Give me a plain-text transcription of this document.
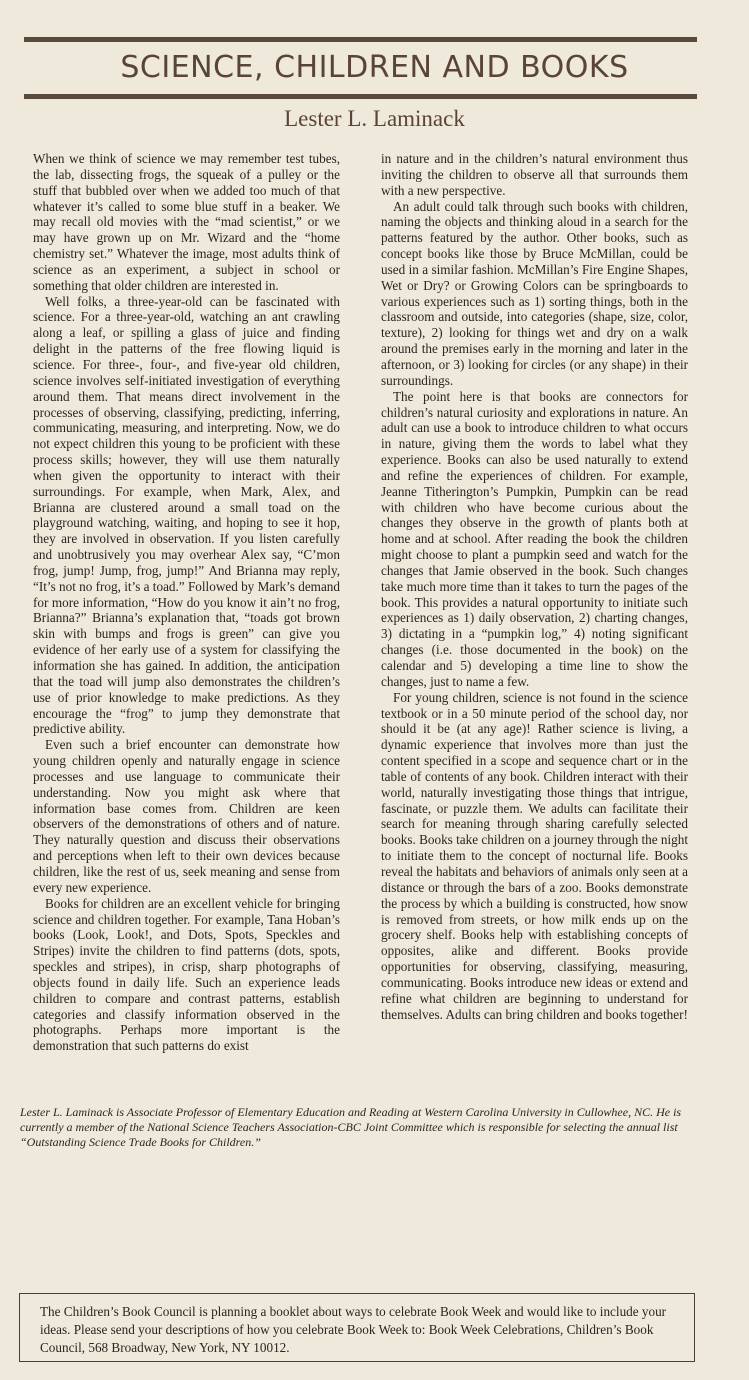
SCIENCE, CHILDREN AND BOOKS
Lester L. Laminack

When we think of science we may remember test tubes, the lab, dissecting frogs, the squeak of a pulley or the stuff that bubbled over when we added too much of that whatever it’s called to some blue stuff in a beaker. We may recall old movies with the “mad scientist,” or we may have grown up on Mr. Wizard and the “home chemistry set.” Whatever the image, most adults think of science as an experiment, a subject in school or something that older children are interested in.

Well folks, a three-year-old can be fascinated with science. For a three-year-old, watching an ant crawling along a leaf, or spilling a glass of juice and finding delight in the patterns of the free flowing liquid is science. For three-, four-, and five-year old children, science involves self-initiated investigation of everything around them. That means direct involvement in the processes of observing, classifying, predicting, inferring, communicating, measuring, and interpreting. Now, we do not expect children this young to be proficient with these process skills; however, they will use them naturally when given the opportunity to interact with their surroundings. For example, when Mark, Alex, and Brianna are clustered around a small toad on the playground watching, waiting, and hoping to see it hop, they are involved in observation. If you listen carefully and unobtrusively you may overhear Alex say, “C’mon frog, jump! Jump, frog, jump!” And Brianna may reply, “It’s not no frog, it’s a toad.” Followed by Mark’s demand for more information, “How do you know it ain’t no frog, Brianna?” Brianna’s explanation that, “toads got brown skin with bumps and frogs is green” can give you evidence of her early use of a system for classifying the information she has gained. In addition, the anticipation that the toad will jump also demonstrates the children’s use of prior knowledge to make predictions. As they encourage the “frog” to jump they demonstrate that predictive ability.

Even such a brief encounter can demonstrate how young children openly and naturally engage in science processes and use language to communicate their understanding. Now you might ask where that information base comes from. Children are keen observers of the demonstrations of others and of nature. They naturally question and discuss their observations and perceptions when left to their own devices because children, like the rest of us, seek meaning and sense from every new experience.

Books for children are an excellent vehicle for bringing science and children together. For example, Tana Hoban’s books (Look, Look!, and Dots, Spots, Speckles and Stripes) invite the children to find patterns (dots, spots, speckles and stripes), in crisp, sharp photographs of objects found in daily life. Such an experience leads children to compare and contrast patterns, establish categories and classify information observed in the photographs. Perhaps more important is the demonstration that such patterns do exist

in nature and in the children’s natural environment thus inviting the children to observe all that surrounds them with a new perspective.

An adult could talk through such books with children, naming the objects and thinking aloud in a search for the patterns featured by the author. Other books, such as concept books like those by Bruce McMillan, could be used in a similar fashion. McMillan’s Fire Engine Shapes, Wet or Dry? or Growing Colors can be springboards to various experiences such as 1) sorting things, both in the classroom and outside, into categories (shape, size, color, texture), 2) looking for things wet and dry on a walk around the premises early in the morning and later in the afternoon, or 3) looking for circles (or any shape) in their surroundings.

The point here is that books are connectors for children’s natural curiosity and explorations in nature. An adult can use a book to introduce children to what occurs in nature, giving them the words to label what they experience. Books can also be used naturally to extend and refine the experiences of children. For example, Jeanne Titherington’s Pumpkin, Pumpkin can be read with children who have become curious about the changes they observe in the growth of plants both at home and at school. After reading the book the children might choose to plant a pumpkin seed and watch for the changes that Jamie observed in the book. Such changes take much more time than it takes to turn the pages of the book. This provides a natural opportunity to initiate such experiences as 1) daily observation, 2) charting changes, 3) dictating in a “pumpkin log,” 4) noting significant changes (i.e. those documented in the book) on the calendar and 5) developing a time line to show the changes, just to name a few.

For young children, science is not found in the science textbook or in a 50 minute period of the school day, nor should it be (at any age)! Rather science is living, a dynamic experience that involves more than just the content specified in a scope and sequence chart or in the table of contents of any book. Children interact with their world, naturally investigating those things that intrigue, fascinate, or puzzle them. We adults can facilitate their search for meaning through sharing carefully selected books. Books take children on a journey through the night to initiate them to the concept of nocturnal life. Books reveal the habitats and behaviors of animals only seen at a distance or through the bars of a zoo. Books demonstrate the process by which a building is constructed, how snow is removed from streets, or how milk ends up on the grocery shelf. Books help with establishing concepts of opposites, alike and different. Books provide opportunities for observing, classifying, measuring, communicating. Books introduce new ideas or extend and refine what children are beginning to understand for themselves. Adults can bring children and books together!

Lester L. Laminack is Associate Professor of Elementary Education and Reading at Western Carolina University in Cullowhee, NC. He is currently a member of the National Science Teachers Association-CBC Joint Committee which is responsible for selecting the annual list “Outstanding Science Trade Books for Children.”

The Children’s Book Council is planning a booklet about ways to celebrate Book Week and would like to include your ideas. Please send your descriptions of how you celebrate Book Week to: Book Week Celebrations, Children’s Book Council, 568 Broadway, New York, NY 10012.
